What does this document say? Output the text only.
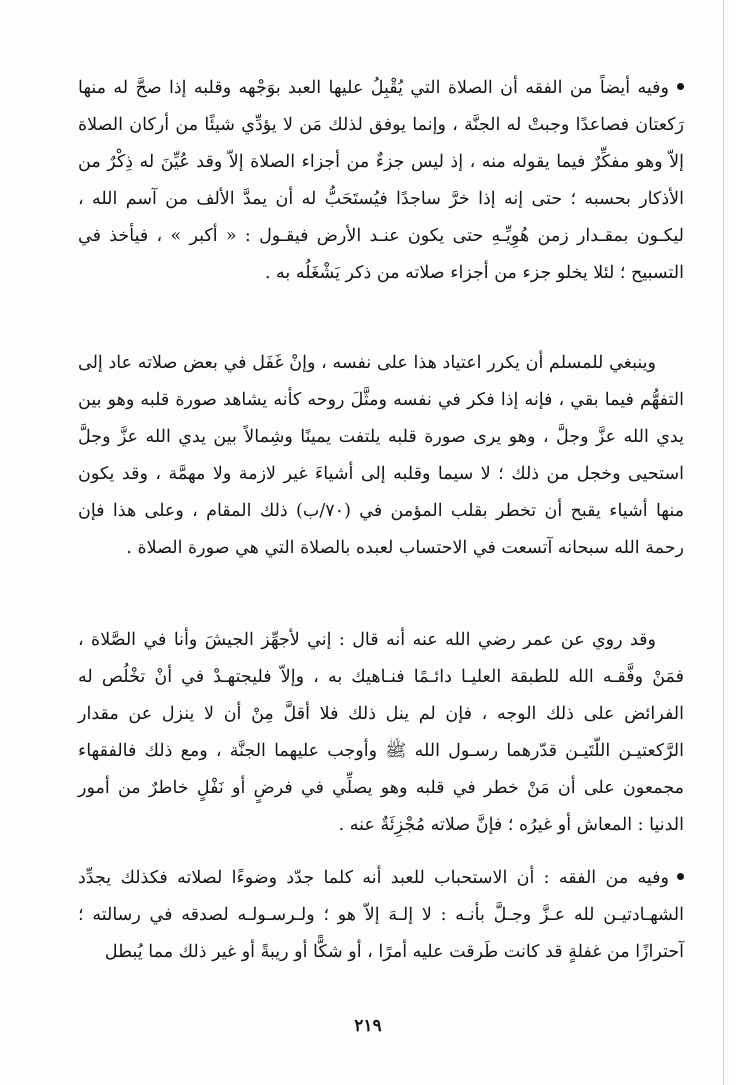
وفيه أيضاً من الفقه أن الصلاة التي يُقْبِلُ عليها العبد بوَجْهه وقلبه إذا صحَّ له منها رَكعتان فصاعدًا وجبتْ له الجنَّة ، وإنما يوفق لذلك مَن لا يؤدِّي شيئًا من أركان الصلاة إلاّ وهو مفكِّرٌ فيما يقوله منه ، إذ ليس جزءٌ من أجزاء الصلاة إلاّ وقد عُيِّنَ له ذِكْرٌ من الأذكار بحسبه ؛ حتى إنه إذا خرَّ ساجدًا فيُستَحَبُّ له أن يمدَّ الألف من آسم الله ، ليكـون بمقـدار زمن هُوِيِّـهِ حتى يكون عنـد الأرض فيقـول : « أكبر » ، فيأخذ في التسبيح ؛ لئلا يخلو جزء من أجزاء صلاته من ذكر يَشْغَلُه به .

وينبغي للمسلم أن يكرر اعتياد هذا على نفسه ، وإنْ غَفَل في بعض صلاته عاد إلى التفهُّم فيما بقي ، فإنه إذا فكر في نفسه ومثَّلَ روحه كأنه يشاهد صورة قلبه وهو بين يدي الله عزَّ وجلَّ ، وهو يرى صورة قلبه يلتفت يمينًا وشِمالاً بين يدي الله عزَّ وجلَّ استحيى وخجل من ذلك ؛ لا سيما وقلبه إلى أشياءَ غير لازمة ولا مهمَّة ، وقد يكون منها أشياء يقبح أن تخطر بقلب المؤمن في (٧٠/ب) ذلك المقام ، وعلى هذا فإن رحمة الله سبحانه آتسعت في الاحتساب لعبده بالصلاة التي هي صورة الصلاة .

وقد روي عن عمر رضي الله عنه أنه قال : إني لأجهِّز الجيشَ وأنا في الصَّلاة ، فمَنْ وفَّقـه الله للطبقة العليـا دائـمًا فنـاهيك به ، وإلاّ فليجتهـدْ في أنْ تخْلُص له الفرائض على ذلك الوجه ، فإن لم ينل ذلك فلا أقلَّ مِنْ أن لا ينزل عن مقدار الرَّكعتيـن اللّتَيـن قدّرهما رسـول الله ﷺ وأوجب عليهما الجنَّة ، ومع ذلك فالفقهاء مجمعون على أن مَنْ خطر في قلبه وهو يصلِّي في فرضٍ أو نَفْلٍ خاطرٌ من أمور الدنيا : المعاش أو غيرُه ؛ فإنَّ صلاته مُجْزِئَةٌ عنه .

وفيه من الفقه : أن الاستحباب للعبد أنه كلما جدّد وضوءًا لصلاته فكذلك يجدِّد الشهـادتيـن لله عـزَّ وجـلَّ بأنـه : لا إلـهَ إلاّ هو ؛ ولـرسـولـه لصدقه في رسالته ؛ آحترازًا من غفلةٍ قد كانت طَرقت عليه أمرًا ، أو شكًّا أو ريبةً أو غير ذلك مما يُبطل

٢١٩
